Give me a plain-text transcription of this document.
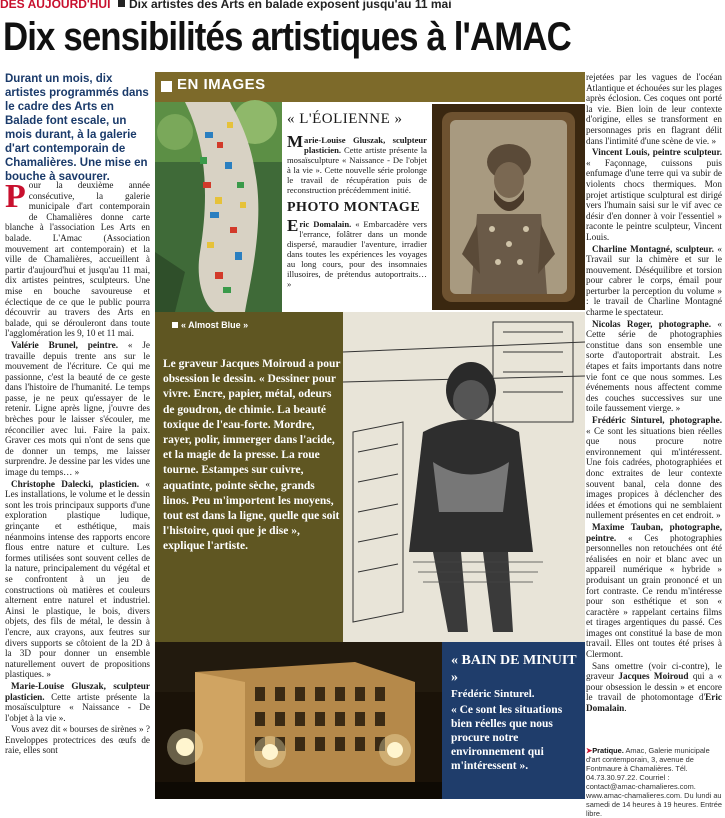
DES AUJOURD'HUI	Dix artistes des Arts en balade exposent jusqu'au 11 mai
Dix sensibilités artistiques à l'AMAC
Durant un mois, dix artistes programmés dans le cadre des Arts en Balade font escale, un mois durant, à la galerie d'art contemporain de Chamalières. Une mise en bouche à savourer.

Pour la deuxième année consécutive, la galerie municipale d'art contemporain de Chamalières donne carte blanche à l'association Les Arts en balade. L'Amac (Association mouvement art contemporain) et la ville de Chamalières, accueillent à partir d'aujourd'hui et jusqu'au 11 mai, dix artistes peintres, sculpteurs. Une mise en bouche savoureuse et éclectique de ce que le public pourra découvrir au travers des Arts en balade, qui se dérouleront dans toute l'agglomération les 9, 10 et 11 mai.

Valérie Brunel, peintre. « Je travaille depuis trente ans sur le mouvement de l'écriture. Ce qui me passionne, c'est la beauté de ce geste dans l'histoire de l'humanité. Le temps passe, je ne peux qu'essayer de le retenir. Ligne après ligne, j'ouvre des brèches pour le laisser s'écouler, me réconcilier avec lui. Faire la paix. Graver ces mots qui n'ont de sens que de donner un temps, me laisser surprendre. Je dessine par les vides une image du temps… »

Christophe Dalecki, plasticien. « Les installations, le volume et le dessin sont les trois principaux supports d'une exploration plastique ludique, grinçante et esthétique, mais néanmoins intense des rapports encore flous entre nature et culture. Les formes utilisées sont souvent celles de la nature, principalement du végétal et se confrontent à un jeu de constructions où matières et couleurs alternent entre naturel et industriel. Ainsi le plastique, le bois, divers objets, des fils de métal, le dessin à l'encre, aux crayons, aux feutres sur divers supports se côtoient de la 2D à la 3D pour donner un ensemble naturellement ouvert de propositions plastiques. »

Marie-Louise Gluszak, sculpteur plasticien. Cette artiste présente la mosaïsculpture « Naissance - De l'objet à la vie ».

Vous avez dit « bourses de sirènes » ? Enveloppes protectrices des œufs de raie, elles sont

EN IMAGES
« L'ÉOLIENNE »

Marie-Louise Gluszak, sculpteur plasticien. Cette artiste présente la mosaïsculpture « Naissance - De l'objet à la vie ». Cette nouvelle série prolonge le travail de récupération puis de reconstruction précédemment initié.

PHOTO MONTAGE

Eric Domalain. « Embarcadère vers l'errance, folâtrer dans un monde dispersé, maraudier l'aventure, irradier dans toutes les expériences les voyages au long cours, pour des insomnaies illusoires, de prétendus autoportraits… »

« Almost Blue »
Le graveur Jacques Moiroud a pour obsession le dessin. « Dessiner pour vivre. Encre, papier, métal, odeurs de goudron, de chimie. La beauté toxique de l'eau-forte. Mordre, rayer, polir, immerger dans l'acide, et la magie de la presse. La roue tourne. Estampes sur cuivre, aquatinte, pointe sèche, grands linos. Peu m'importent les moyens, tout est dans la ligne, quelle que soit l'histoire, quoi que je dise », explique l'artiste.
« BAIN DE MINUIT »
Frédéric Sinturel.
« Ce sont les situations bien réelles que nous procure notre environnement qui m'intéressent ».

rejetées par les vagues de l'océan Atlantique et échouées sur les plages après éclosion. Ces coques ont porté la vie. Bien loin de leur contexte d'origine, elles se transforment en personnages pris en flagrant délit dans l'intimité d'une scène de vie. »

Vincent Louis, peintre sculpteur. « Façonnage, cuissons puis enfumage d'une terre qui va subir de violents chocs thermiques. Mon projet artistique sculptural est dirigé vers l'humain saisi sur le vif avec ce désir d'en donner à voir l'essentiel » raconte le peintre sculpteur, Vincent Louis.

Charline Montagné, sculpteur. « Travail sur la chimère et sur le mouvement. Déséquilibre et torsion pour cabrer le corps, émail pour perturber la perception du volume » : le travail de Charline Montagné charme le spectateur.

Nicolas Roger, photographe. « Cette série de photographies constitue dans son ensemble une sorte d'autoportrait abstrait. Les étapes et faits importants dans notre vie font ce que nous sommes. Les événements nous affectent comme des couches successives sur une toile faussement vierge. »

Frédéric Sinturel, photographe. « Ce sont les situations bien réelles que nous procure notre environnement qui m'intéressent. Une fois cadrées, photographiées et donc extraites de leur contexte souvent banal, cela donne des images propices à déclencher des idées et émotions qui ne semblaient nullement présentes en cet endroit. »

Maxime Tauban, photographe, peintre. « Ces photographies personnelles non retouchées ont été réalisées en noir et blanc avec un appareil numérique « hybride » produisant un grain prononcé et un fort contraste. Ce rendu m'intéresse pour son esthétique et son « caractère » rappelant certains films et tirages argentiques du passé. Ces images ont constitué la base de mon travail. Elles ont toutes été prises à Clermont.

Sans omettre (voir ci-contre), le graveur Jacques Moiroud qui a « pour obsession le dessin » et encore le travail de photomontage d'Eric Domalain.

➤Pratique. Amac, Galerie municipale d'art contemporain, 3, avenue de Fontmaure à Chamalières. Tél. 04.73.30.97.22. Courriel : contact@amac-chamalieres.com. www.amac-chamalieres.com. Du lundi au samedi de 14 heures à 19 heures. Entrée libre.
